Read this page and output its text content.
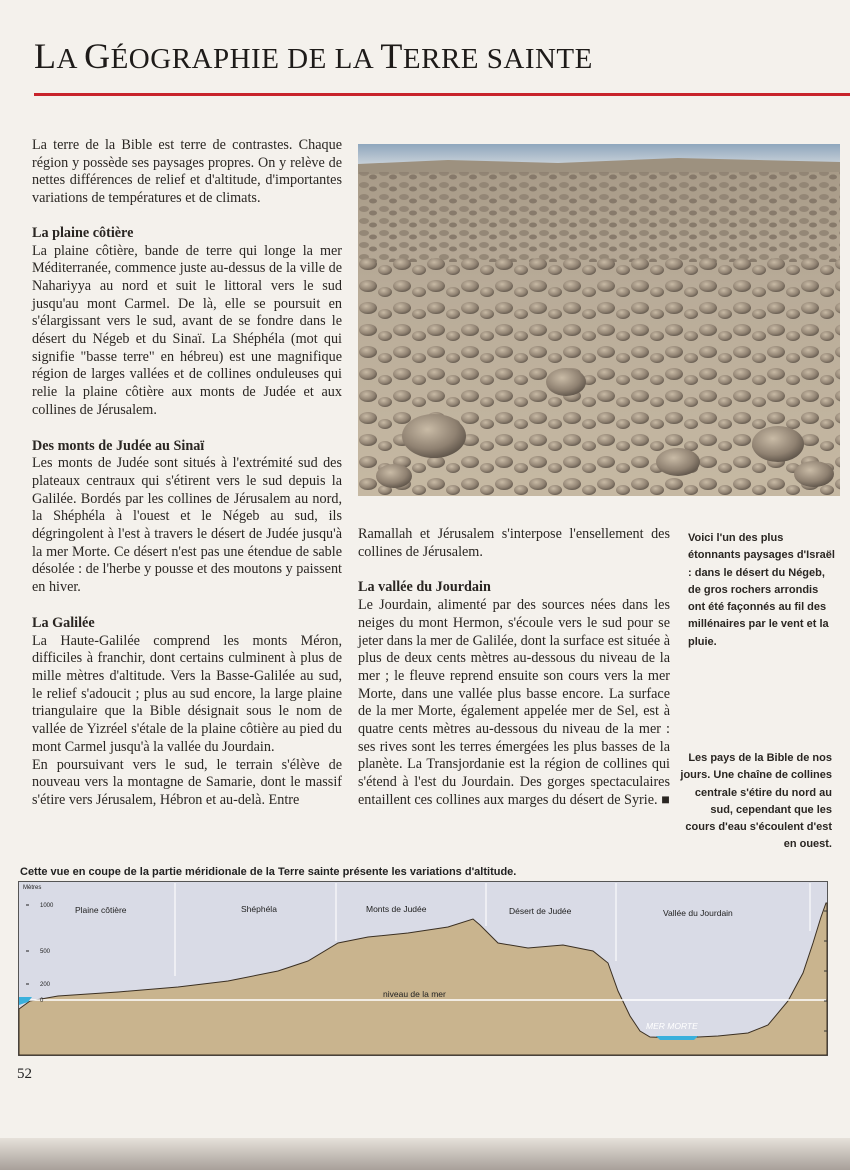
LA GÉOGRAPHIE DE LA TERRE SAINTE

La terre de la Bible est terre de contrastes. Chaque région y possède ses paysages propres. On y relève de nettes différences de relief et d'altitude, d'importantes variations de températures et de climats.

La plaine côtière

La plaine côtière, bande de terre qui longe la mer Méditerranée, commence juste au-dessus de la ville de Nahariyya au nord et suit le littoral vers le sud jusqu'au mont Carmel. De là, elle se poursuit en s'élargissant vers le sud, avant de se fondre dans le désert du Négeb et du Sinaï. La Shéphéla (mot qui signifie "basse terre" en hébreu) est une magnifique région de larges vallées et de collines onduleuses qui relie la plaine côtière aux monts de Judée et aux collines de Jérusalem.

Des monts de Judée au Sinaï

Les monts de Judée sont situés à l'extrémité sud des plateaux centraux qui s'étirent vers le sud depuis la Galilée. Bordés par les collines de Jérusalem au nord, la Shéphéla à l'ouest et le Négeb au sud, ils dégringolent à l'est à travers le désert de Judée jusqu'à la mer Morte. Ce désert n'est pas une étendue de sable désolée : de l'herbe y pousse et des moutons y paissent en hiver.

La Galilée

La Haute-Galilée comprend les monts Méron, difficiles à franchir, dont certains culminent à plus de mille mètres d'altitude. Vers la Basse-Galilée au sud, le relief s'adoucit ; plus au sud encore, la large plaine triangulaire que la Bible désignait sous le nom de vallée de Yizréel s'étale de la plaine côtière au pied du mont Carmel jusqu'à la vallée du Jourdain.

En poursuivant vers le sud, le terrain s'élève de nouveau vers la montagne de Samarie, dont le massif s'étire vers Jérusalem, Hébron et au-delà. Entre

Ramallah et Jérusalem s'interpose l'ensellement des collines de Jérusalem.

La vallée du Jourdain

Le Jourdain, alimenté par des sources nées dans les neiges du mont Hermon, s'écoule vers le sud pour se jeter dans la mer de Galilée, dont la surface est située à plus de deux cents mètres au-dessous du niveau de la mer ; le fleuve reprend ensuite son cours vers la mer Morte, dans une vallée plus basse encore. La surface de la mer Morte, également appelée mer de Sel, est à quatre cents mètres au-dessous du niveau de la mer : ses rives sont les terres émergées les plus basses de la planète. La Transjordanie est la région de collines qui s'étend à l'est du Jourdain. Des gorges spectaculaires entaillent ces collines aux marges du désert de Syrie. ■

Voici l'un des plus étonnants paysages d'Israël : dans le désert du Négeb, de gros rochers arrondis ont été façonnés au fil des millénaires par le vent et la pluie.
Les pays de la Bible de nos jours. Une chaîne de collines centrale s'étire du nord au sud, cependant que les cours d'eau s'écoulent d'est en ouest.
Cette vue en coupe de la partie méridionale de la Terre sainte présente les variations d'altitude.
Mètres
1000
500
200
0
Plaine côtière	Shéphéla	Monts de Judée	Désert de Judée	Vallée du Jourdain
niveau de la mer
MER MORTE
52
